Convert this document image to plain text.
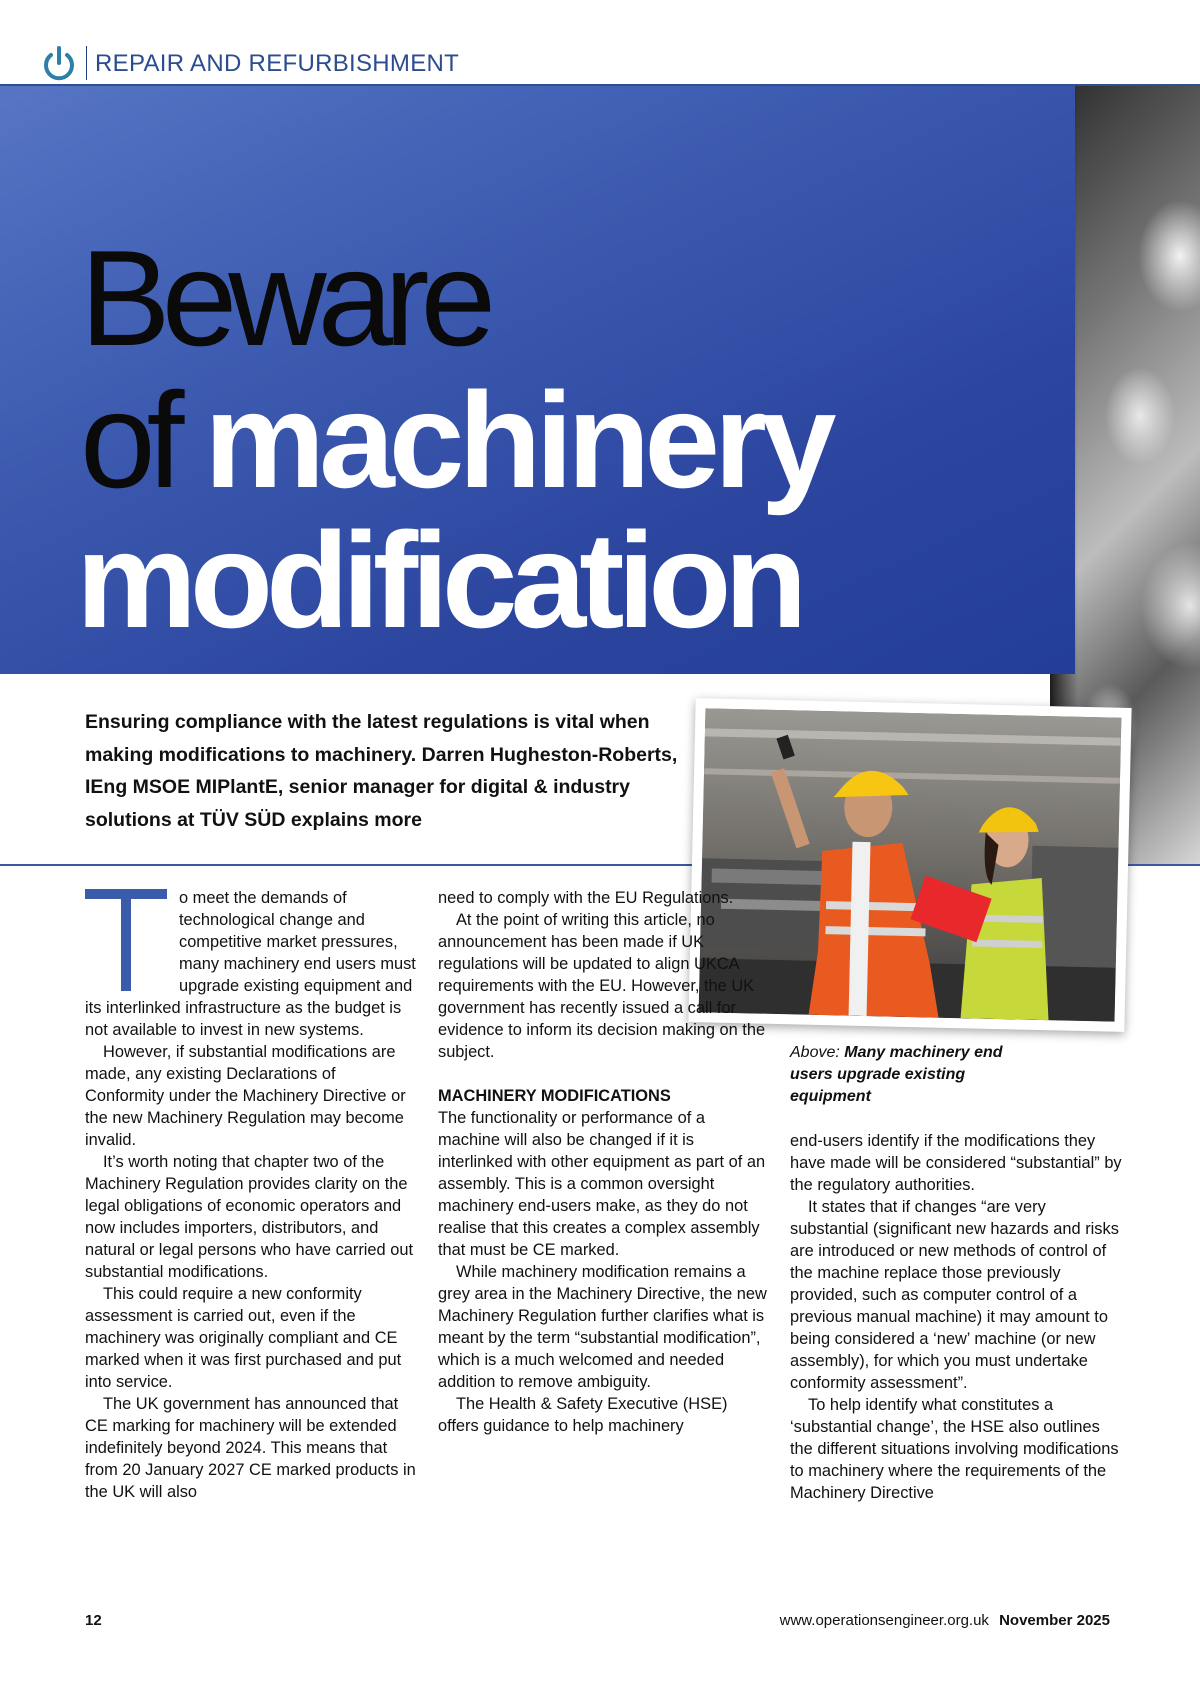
REPAIR AND REFURBISHMENT
Beware
of machinery
modification
Ensuring compliance with the latest regulations is vital when making modifications to machinery. Darren Hugheston-Roberts, IEng MSOE MIPlantE, senior manager for digital & industry solutions at TÜV SÜD explains more
Above: Many machinery end users upgrade existing equipment

o meet the demands of technological change and competitive market pressures, many machinery end users must upgrade existing equipment and its interlinked infrastructure as the budget is not available to invest in new systems.

However, if substantial modifications are made, any existing Declarations of Conformity under the Machinery Directive or the new Machinery Regulation may become invalid.

It’s worth noting that chapter two of the Machinery Regulation provides clarity on the legal obligations of economic operators and now includes importers, distributors, and natural or legal persons who have carried out substantial modifications.

This could require a new conformity assessment is carried out, even if the machinery was originally compliant and CE marked when it was first purchased and put into service.

The UK government has announced that CE marking for machinery will be extended indefinitely beyond 2024. This means that from 20 January 2027 CE marked products in the UK will also

need to comply with the EU Regulations.

At the point of writing this article, no announcement has been made if UK regulations will be updated to align UKCA requirements with the EU. However, the UK government has recently issued a call for evidence to inform its decision making on the subject.

MACHINERY MODIFICATIONS

The functionality or performance of a machine will also be changed if it is interlinked with other equipment as part of an assembly. This is a common oversight machinery end-users make, as they do not realise that this creates a complex assembly that must be CE marked.

While machinery modification remains a grey area in the Machinery Directive, the new Machinery Regulation further clarifies what is meant by the term “substantial modification”, which is a much welcomed and needed addition to remove ambiguity.

The Health & Safety Executive (HSE) offers guidance to help machinery

end-users identify if the modifications they have made will be considered “substantial” by the regulatory authorities.

It states that if changes “are very substantial (significant new hazards and risks are introduced or new methods of control of the machine replace those previously provided, such as computer control of a previous manual machine) it may amount to being considered a ‘new’ machine (or new assembly), for which you must undertake conformity assessment”.

To help identify what constitutes a ‘substantial change’, the HSE also outlines the different situations involving modifications to machinery where the requirements of the Machinery Directive

12	www.operationsengineer.org.uk November 2025
